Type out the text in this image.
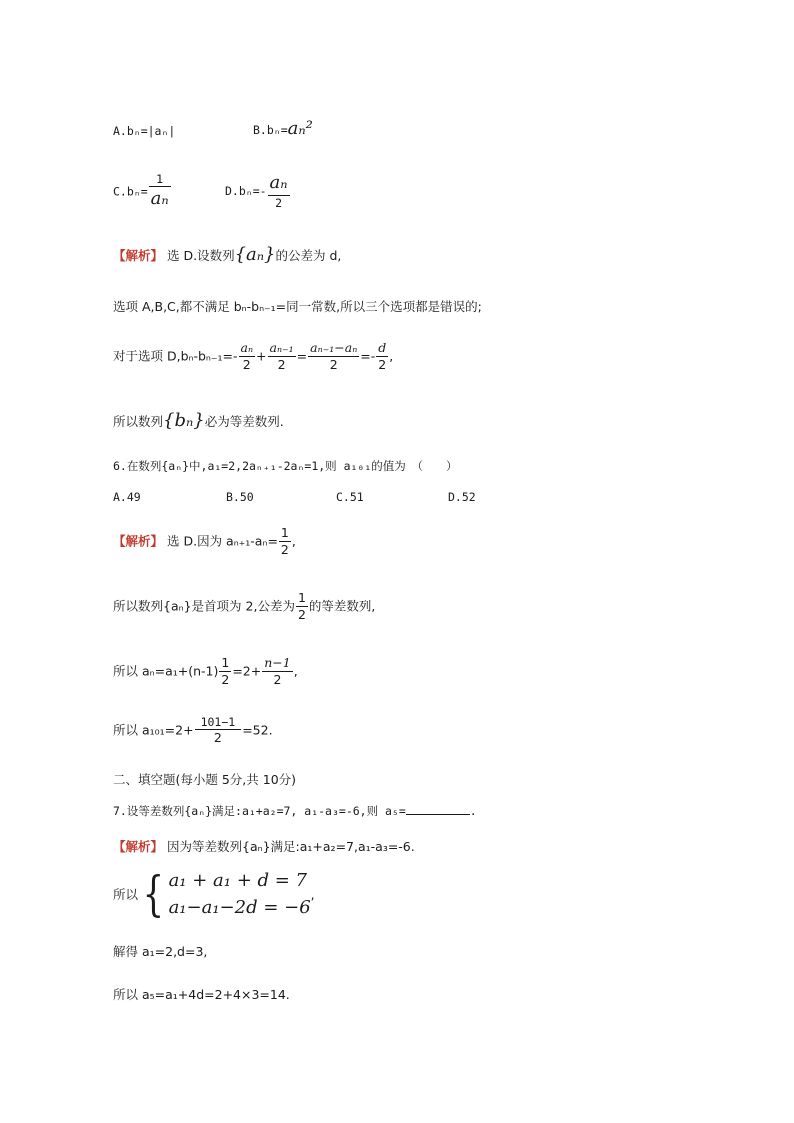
A.bₙ=|aₙ|	B.bₙ=aₙ²
$C.b_n= \frac{1}{\text{aₙ}}$	$D.b_n=- \frac{\text{aₙ}}{2}$
【解析】 选 D.设数列{aₙ}的公差为 d,
选项 A,B,C,都不满足 bₙ-bₙ₋₁=同一常数,所以三个选项都是错误的;
对于选项 $D,b_n-b_{n-1}=- \frac{\text{aₙ}}{2} + \frac{\text{aₙ₋₁}}{2} = \frac{\text{aₙ₋₁−aₙ}}{2} =- \frac{d}{2}$ ,
所以数列{bₙ}必为等差数列.
6.在数列{aₙ}中,a₁=2,2aₙ₊₁-2aₙ=1,则 a₁₀₁的值为　（　　）
A.49	B.50	C.51	D.52
【解析】 选 D.因为 $a_{n+1}-a_n= \frac{1}{2}$ ,
所以数列{aₙ}是首项为 2,公差为 $\frac{1}{2}$ 的等差数列,
所以 $a_n=a_1+(n-1) \frac{1}{2} =2+ \frac{n-1}{2}$ ,
所以 $a_{101}=2+ \frac{101-1}{2} =52$.
二、填空题(每小题 5分,共 10分)
7.设等差数列{aₙ}满足:a₁+a₂=7, a₁-a₃=-6,则 a₅=	.
【解析】 因为等差数列{aₙ}满足:a₁+a₂=7,a₁-a₃=-6.
所以{ a₁ + a₁ + d = 7
a₁−a₁−2d = −6
,
解得 a₁=2,d=3,
所以 a₅=a₁+4d=2+4×3=14.
